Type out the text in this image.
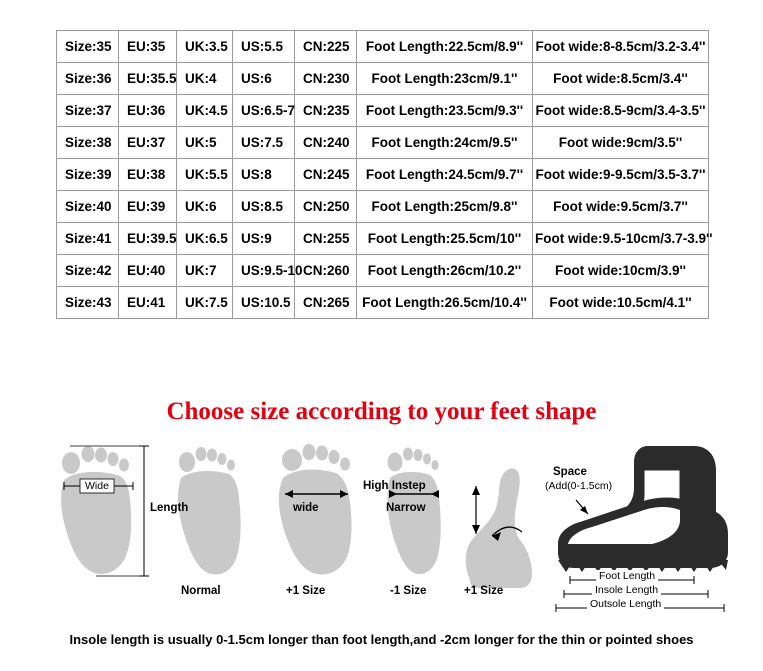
Size:35	EU:35	UK:3.5	US:5.5	CN:225	Foot Length:22.5cm/8.9''	Foot wide:8-8.5cm/3.2-3.4''
Size:36	EU:35.5	UK:4	US:6	CN:230	Foot Length:23cm/9.1''	Foot wide:8.5cm/3.4''
Size:37	EU:36	UK:4.5	US:6.5-7	CN:235	Foot Length:23.5cm/9.3''	Foot wide:8.5-9cm/3.4-3.5''
Size:38	EU:37	UK:5	US:7.5	CN:240	Foot Length:24cm/9.5''	Foot wide:9cm/3.5''
Size:39	EU:38	UK:5.5	US:8	CN:245	Foot Length:24.5cm/9.7''	Foot wide:9-9.5cm/3.5-3.7''
Size:40	EU:39	UK:6	US:8.5	CN:250	Foot Length:25cm/9.8''	Foot wide:9.5cm/3.7''
Size:41	EU:39.5	UK:6.5	US:9	CN:255	Foot Length:25.5cm/10''	Foot wide:9.5-10cm/3.7-3.9''
Size:42	EU:40	UK:7	US:9.5-10	CN:260	Foot Length:26cm/10.2''	Foot wide:10cm/3.9''
Size:43	EU:41	UK:7.5	US:10.5	CN:265	Foot Length:26.5cm/10.4''	Foot wide:10.5cm/4.1''
Choose size according to your feet shape
Wide
Length
Normal
wide
+1 Size
Narrow
-1 Size
High Instep
+1 Size
Space
(Add(0-1.5cm)
Foot Length
Insole Length
Outsole Length
Insole length is usually 0-1.5cm longer than foot length,and -2cm longer for the thin or pointed shoes
